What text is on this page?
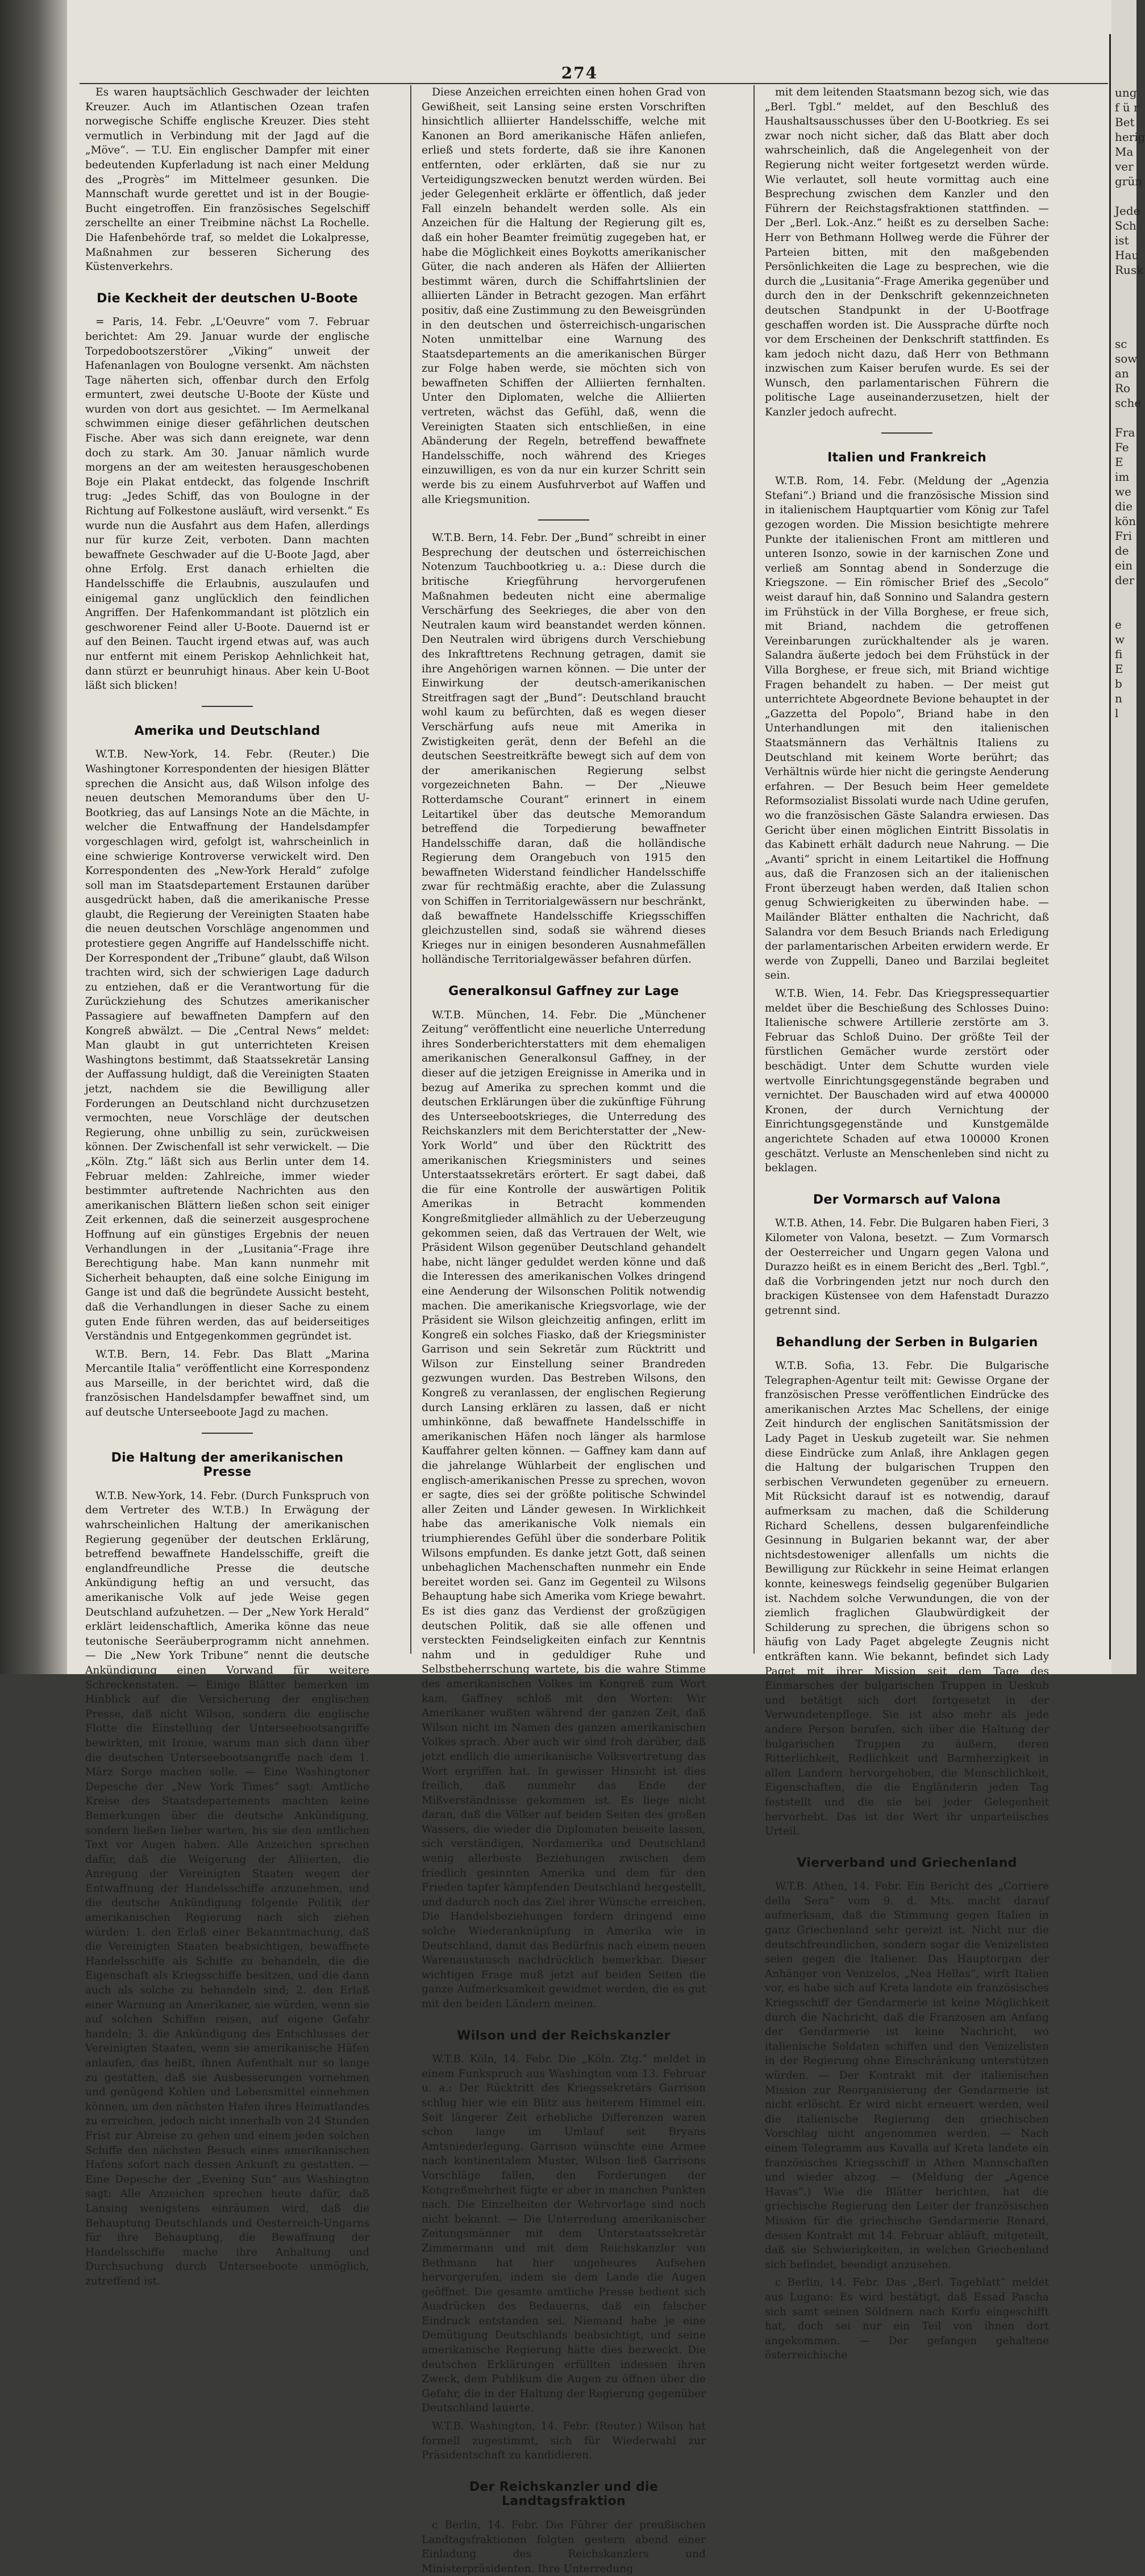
274

Es waren hauptsächlich Geschwader der leichten Kreuzer. Auch im Atlantischen Ozean trafen norwegische Schiffe englische Kreuzer. Dies steht vermutlich in Verbindung mit der Jagd auf die „Möve“. — T.U. Ein englischer Dampfer mit einer bedeutenden Kupferladung ist nach einer Meldung des „Progrès“ im Mittelmeer gesunken. Die Mannschaft wurde gerettet und ist in der Bougie-Bucht eingetroffen. Ein französisches Segelschiff zerschellte an einer Treibmine nächst La Rochelle. Die Hafenbehörde traf, so meldet die Lokalpresse, Maßnahmen zur besseren Sicherung des Küstenverkehrs.

Die Keckheit der deutschen U-Boote

= Paris, 14. Febr. „L'Oeuvre“ vom 7. Februar berichtet: Am 29. Januar wurde der englische Torpedobootszerstörer „Viking“ unweit der Hafenanlagen von Boulogne versenkt. Am nächsten Tage näherten sich, offenbar durch den Erfolg ermuntert, zwei deutsche U-Boote der Küste und wurden von dort aus gesichtet. — Im Aermelkanal schwimmen einige dieser gefährlichen deutschen Fische. Aber was sich dann ereignete, war denn doch zu stark. Am 30. Januar nämlich wurde morgens an der am weitesten herausgeschobenen Boje ein Plakat entdeckt, das folgende Inschrift trug: „Jedes Schiff, das von Boulogne in der Richtung auf Folkestone ausläuft, wird versenkt.“ Es wurde nun die Ausfahrt aus dem Hafen, allerdings nur für kurze Zeit, verboten. Dann machten bewaffnete Geschwader auf die U-Boote Jagd, aber ohne Erfolg. Erst danach erhielten die Handelsschiffe die Erlaubnis, auszulaufen und einigemal ganz unglücklich den feindlichen Angriffen. Der Hafenkommandant ist plötzlich ein geschworener Feind aller U-Boote. Dauernd ist er auf den Beinen. Taucht irgend etwas auf, was auch nur entfernt mit einem Periskop Aehnlichkeit hat, dann stürzt er beunruhigt hinaus. Aber kein U-Boot läßt sich blicken!

Amerika und Deutschland

W.T.B. New-York, 14. Febr. (Reuter.) Die Washingtoner Korrespondenten der hiesigen Blätter sprechen die Ansicht aus, daß Wilson infolge des neuen deutschen Memorandums über den U-Bootkrieg, das auf Lansings Note an die Mächte, in welcher die Entwaffnung der Handelsdampfer vorgeschlagen wird, gefolgt ist, wahrscheinlich in eine schwierige Kontroverse verwickelt wird. Den Korrespondenten des „New-York Herald“ zufolge soll man im Staatsdepartement Erstaunen darüber ausgedrückt haben, daß die amerikanische Presse glaubt, die Regierung der Vereinigten Staaten habe die neuen deutschen Vorschläge angenommen und protestiere gegen Angriffe auf Handelsschiffe nicht. Der Korrespondent der „Tribune“ glaubt, daß Wilson trachten wird, sich der schwierigen Lage dadurch zu entziehen, daß er die Verantwortung für die Zurückziehung des Schutzes amerikanischer Passagiere auf bewaffneten Dampfern auf den Kongreß abwälzt. — Die „Central News“ meldet: Man glaubt in gut unterrichteten Kreisen Washingtons bestimmt, daß Staatssekretär Lansing der Auffassung huldigt, daß die Vereinigten Staaten jetzt, nachdem sie die Bewilligung aller Forderungen an Deutschland nicht durchzusetzen vermochten, neue Vorschläge der deutschen Regierung, ohne unbillig zu sein, zurückweisen können. Der Zwischenfall ist sehr verwickelt. — Die „Köln. Ztg.“ läßt sich aus Berlin unter dem 14. Februar melden: Zahlreiche, immer wieder bestimmter auftretende Nachrichten aus den amerikanischen Blättern ließen schon seit einiger Zeit erkennen, daß die seinerzeit ausgesprochene Hoffnung auf ein günstiges Ergebnis der neuen Verhandlungen in der „Lusitania“-Frage ihre Berechtigung habe. Man kann nunmehr mit Sicherheit behaupten, daß eine solche Einigung im Gange ist und daß die begründete Aussicht besteht, daß die Verhandlungen in dieser Sache zu einem guten Ende führen werden, das auf beiderseitiges Verständnis und Entgegenkommen gegründet ist.

W.T.B. Bern, 14. Febr. Das Blatt „Marina Mercantile Italia“ veröffentlicht eine Korrespondenz aus Marseille, in der berichtet wird, daß die französischen Handelsdampfer bewaffnet sind, um auf deutsche Unterseeboote Jagd zu machen.

Die Haltung der amerikanischen Presse

W.T.B. New-York, 14. Febr. (Durch Funkspruch von dem Vertreter des W.T.B.) In Erwägung der wahrscheinlichen Haltung der amerikanischen Regierung gegenüber der deutschen Erklärung, betreffend bewaffnete Handelsschiffe, greift die englandfreundliche Presse die deutsche Ankündigung heftig an und versucht, das amerikanische Volk auf jede Weise gegen Deutschland aufzuhetzen. — Der „New York Herald“ erklärt leidenschaftlich, Amerika könne das neue teutonische Seeräuberprogramm nicht annehmen. — Die „New York Tribune“ nennt die deutsche Ankündigung einen Vorwand für weitere Schreckenstaten. — Einige Blätter bemerken im Hinblick auf die Versicherung der englischen Presse, daß nicht Wilson, sondern die englische Flotte die Einstellung der Unterseebootsangriffe bewirkten, mit Ironie, warum man sich dann über die deutschen Unterseebootsangriffe nach dem 1. März Sorge machen solle. — Eine Washingtoner Depesche der „New York Times“ sagt: Amtliche Kreise des Staatsdepartements machten keine Bemerkungen über die deutsche Ankündigung, sondern ließen lieber warten, bis sie den amtlichen Text vor Augen haben. Alle Anzeichen sprechen dafür, daß die Weigerung der Alliierten, die Anregung der Vereinigten Staaten wegen der Entwaffnung der Handelsschiffe anzunehmen, und die deutsche Ankündigung folgende Politik der amerikanischen Regierung nach sich ziehen würden: 1. den Erlaß einer Bekanntmachung, daß die Vereinigten Staaten beabsichtigen, bewaffnete Handelsschiffe als Schiffe zu behandeln, die die Eigenschaft als Kriegsschiffe besitzen, und die dann auch als solche zu behandeln sind; 2. den Erlaß einer Warnung an Amerikaner, sie würden, wenn sie auf solchen Schiffen reisen, auf eigene Gefahr handeln; 3. die Ankündigung des Entschlusses der Vereinigten Staaten, wenn sie amerikanische Häfen anlaufen, das heißt, ihnen Aufenthalt nur so lange zu gestatten, daß sie Ausbesserungen vornehmen und genügend Kohlen und Lebensmittel einnehmen können, um den nächsten Hafen ihres Heimatlandes zu erreichen, jedoch nicht innerhalb von 24 Stunden Frist zur Abreise zu gehen und einem jeden solchen Schiffe den nächsten Besuch eines amerikanischen Hafens sofort nach dessen Ankunft zu gestatten. — Eine Depesche der „Evening Sun“ aus Washington sagt: Alle Anzeichen sprechen heute dafür, daß Lansing wenigstens einräumen wird, daß die Behauptung Deutschlands und Oesterreich-Ungarns für ihre Behauptung, die Bewaffnung der Handelsschiffe mache ihre Anhaltung und Durchsuchung durch Unterseeboote unmöglich, zutreffend ist.

Diese Anzeichen erreichten einen hohen Grad von Gewißheit, seit Lansing seine ersten Vorschriften hinsichtlich alliierter Handelsschiffe, welche mit Kanonen an Bord amerikanische Häfen anliefen, erließ und stets forderte, daß sie ihre Kanonen entfernten, oder erklärten, daß sie nur zu Verteidigungszwecken benutzt werden würden. Bei jeder Gelegenheit erklärte er öffentlich, daß jeder Fall einzeln behandelt werden solle. Als ein Anzeichen für die Haltung der Regierung gilt es, daß ein hoher Beamter freimütig zugegeben hat, er habe die Möglichkeit eines Boykotts amerikanischer Güter, die nach anderen als Häfen der Alliierten bestimmt wären, durch die Schiffahrtslinien der alliierten Länder in Betracht gezogen. Man erfährt positiv, daß eine Zustimmung zu den Beweisgründen in den deutschen und österreichisch-ungarischen Noten unmittelbar eine Warnung des Staatsdepartements an die amerikanischen Bürger zur Folge haben werde, sie möchten sich von bewaffneten Schiffen der Alliierten fernhalten. Unter den Diplomaten, welche die Alliierten vertreten, wächst das Gefühl, daß, wenn die Vereinigten Staaten sich entschließen, in eine Abänderung der Regeln, betreffend bewaffnete Handelsschiffe, noch während des Krieges einzuwilligen, es von da nur ein kurzer Schritt sein werde bis zu einem Ausfuhrverbot auf Waffen und alle Kriegsmunition.

W.T.B. Bern, 14. Febr. Der „Bund“ schreibt in einer Besprechung der deutschen und österreichischen Notenzum Tauchbootkrieg u. a.: Diese durch die britische Kriegführung hervorgerufenen Maßnahmen bedeuten nicht eine abermalige Verschärfung des Seekrieges, die aber von den Neutralen kaum wird beanstandet werden können. Den Neutralen wird übrigens durch Verschiebung des Inkrafttretens Rechnung getragen, damit sie ihre Angehörigen warnen können. — Die unter der Einwirkung der deutsch-amerikanischen Streitfragen sagt der „Bund“: Deutschland braucht wohl kaum zu befürchten, daß es wegen dieser Verschärfung aufs neue mit Amerika in Zwistigkeiten gerät, denn der Befehl an die deutschen Seestreitkräfte bewegt sich auf dem von der amerikanischen Regierung selbst vorgezeichneten Bahn. — Der „Nieuwe Rotterdamsche Courant“ erinnert in einem Leitartikel über das deutsche Memorandum betreffend die Torpedierung bewaffneter Handelsschiffe daran, daß die holländische Regierung dem Orangebuch von 1915 den bewaffneten Widerstand feindlicher Handelsschiffe zwar für rechtmäßig erachte, aber die Zulassung von Schiffen in Territorialgewässern nur beschränkt, daß bewaffnete Handelsschiffe Kriegsschiffen gleichzustellen sind, sodaß sie während dieses Krieges nur in einigen besonderen Ausnahmefällen holländische Territorialgewässer befahren dürfen.

Generalkonsul Gaffney zur Lage

W.T.B. München, 14. Febr. Die „Münchener Zeitung“ veröffentlicht eine neuerliche Unterredung ihres Sonderberichterstatters mit dem ehemaligen amerikanischen Generalkonsul Gaffney, in der dieser auf die jetzigen Ereignisse in Amerika und in bezug auf Amerika zu sprechen kommt und die deutschen Erklärungen über die zukünftige Führung des Unterseebootskrieges, die Unterredung des Reichskanzlers mit dem Berichterstatter der „New-York World“ und über den Rücktritt des amerikanischen Kriegsministers und seines Unterstaatssekretärs erörtert. Er sagt dabei, daß die für eine Kontrolle der auswärtigen Politik Amerikas in Betracht kommenden Kongreßmitglieder allmählich zu der Ueberzeugung gekommen seien, daß das Vertrauen der Welt, wie Präsident Wilson gegenüber Deutschland gehandelt habe, nicht länger geduldet werden könne und daß die Interessen des amerikanischen Volkes dringend eine Aenderung der Wilsonschen Politik notwendig machen. Die amerikanische Kriegsvorlage, wie der Präsident sie Wilson gleichzeitig anfingen, erlitt im Kongreß ein solches Fiasko, daß der Kriegsminister Garrison und sein Sekretär zum Rücktritt und Wilson zur Einstellung seiner Brandreden gezwungen wurden. Das Bestreben Wilsons, den Kongreß zu veranlassen, der englischen Regierung durch Lansing erklären zu lassen, daß er nicht umhinkönne, daß bewaffnete Handelsschiffe in amerikanischen Häfen noch länger als harmlose Kauffahrer gelten können. — Gaffney kam dann auf die jahrelange Wühlarbeit der englischen und englisch-amerikanischen Presse zu sprechen, wovon er sagte, dies sei der größte politische Schwindel aller Zeiten und Länder gewesen. In Wirklichkeit habe das amerikanische Volk niemals ein triumphierendes Gefühl über die sonderbare Politik Wilsons empfunden. Es danke jetzt Gott, daß seinen unbehaglichen Machenschaften nunmehr ein Ende bereitet worden sei. Ganz im Gegenteil zu Wilsons Behauptung habe sich Amerika vom Kriege bewahrt. Es ist dies ganz das Verdienst der großzügigen deutschen Politik, daß sie alle offenen und versteckten Feindseligkeiten einfach zur Kenntnis nahm und in geduldiger Ruhe und Selbstbeherrschung wartete, bis die wahre Stimme des amerikanischen Volkes im Kongreß zum Wort kam. Gaffney schloß mit den Worten: Wir Amerikaner wußten während der ganzen Zeit, daß Wilson nicht im Namen des ganzen amerikanischen Volkes sprach. Aber auch wir sind froh darüber, daß jetzt endlich die amerikanische Volksvertretung das Wort ergriffen hat. In gewisser Hinsicht ist dies freilich, daß nunmehr das Ende der Mißverständnisse gekommen ist. Es liege nicht daran, daß die Völker auf beiden Seiten des großen Wassers, die wieder die Diplomaten beiseite lassen, sich verständigen, Nordamerika und Deutschland wenig allerbeste Beziehungen zwischen dem friedlich gesinnten Amerika und dem für den Frieden tapfer kämpfenden Deutschland hergestellt, und dadurch noch das Ziel ihrer Wünsche erreichen. Die Handelsbeziehungen fordern dringend eine solche Wiederanknüpfung in Amerika wie in Deutschland, damit das Bedürfnis nach einem neuen Warenaustausch nachdrücklich bemerkbar. Dieser wichtigen Frage muß jetzt auf beiden Seiten die ganze Aufmerksamkeit gewidmet werden, die es gut mit den beiden Ländern meinen.

Wilson und der Reichskanzler

W.T.B. Köln, 14. Febr. Die „Köln. Ztg.“ meldet in einem Funkspruch aus Washington vom 13. Februar u. a.: Der Rücktritt des Kriegssekretärs Garrison schlug hier wie ein Blitz aus heiterem Himmel ein. Seit längerer Zeit erhebliche Differenzen waren schon lange im Umlauf seit Bryans Amtsniederlegung. Garrison wünschte eine Armee nach kontinentalem Muster, Wilson ließ Garrisons Vorschläge fallen, den Forderungen der Kongreßmehrheit fügte er aber in manchen Punkten nach. Die Einzelheiten der Wehrvorlage sind noch nicht bekannt. — Die Unterredung amerikanischer Zeitungsmänner mit dem Unterstaatssekretär Zimmermann und mit dem Reichskanzler von Bethmann hat hier ungeheures Aufsehen hervorgerufen, indem sie dem Lande die Augen geöffnet. Die gesamte amtliche Presse bedient sich Ausdrücken des Bedauerns, daß ein falscher Eindruck entstanden sei. Niemand habe je eine Demütigung Deutschlands beabsichtigt, und seine amerikanische Regierung hätte dies bezweckt. Die deutschen Erklärungen erfüllten indessen ihren Zweck, dem Publikum die Augen zu öffnen über die Gefahr, die in der Haltung der Regierung gegenüber Deutschland lauerte.

W.T.B. Washington, 14. Febr. (Reuter.) Wilson hat formell zugestimmt, sich für Wiederwahl zur Präsidentschaft zu kandidieren.

Der Reichskanzler und die Landtagsfraktion

c Berlin, 14. Febr. Die Führer der preußischen Landtagsfraktionen folgten gestern abend einer Einladung des Reichskanzlers und Ministerpräsidenten. Ihre Unterredung

mit dem leitenden Staatsmann bezog sich, wie das „Berl. Tgbl.“ meldet, auf den Beschluß des Haushaltsausschusses über den U-Bootkrieg. Es sei zwar noch nicht sicher, daß das Blatt aber doch wahrscheinlich, daß die Angelegenheit von der Regierung nicht weiter fortgesetzt werden würde. Wie verlautet, soll heute vormittag auch eine Besprechung zwischen dem Kanzler und den Führern der Reichstagsfraktionen stattfinden. — Der „Berl. Lok.-Anz.“ heißt es zu derselben Sache: Herr von Bethmann Hollweg werde die Führer der Parteien bitten, mit den maßgebenden Persönlichkeiten die Lage zu besprechen, wie die durch die „Lusitania“-Frage Amerika gegenüber und durch den in der Denkschrift gekennzeichneten deutschen Standpunkt in der U-Bootfrage geschaffen worden ist. Die Aussprache dürfte noch vor dem Erscheinen der Denkschrift stattfinden. Es kam jedoch nicht dazu, daß Herr von Bethmann inzwischen zum Kaiser berufen wurde. Es sei der Wunsch, den parlamentarischen Führern die politische Lage auseinanderzusetzen, hielt der Kanzler jedoch aufrecht.

Italien und Frankreich

W.T.B. Rom, 14. Febr. (Meldung der „Agenzia Stefani“.) Briand und die französische Mission sind in italienischem Hauptquartier vom König zur Tafel gezogen worden. Die Mission besichtigte mehrere Punkte der italienischen Front am mittleren und unteren Isonzo, sowie in der karnischen Zone und verließ am Sonntag abend in Sonderzuge die Kriegszone. — Ein römischer Brief des „Secolo“ weist darauf hin, daß Sonnino und Salandra gestern im Frühstück in der Villa Borghese, er freue sich, mit Briand, nachdem die getroffenen Vereinbarungen zurückhaltender als je waren. Salandra äußerte jedoch bei dem Frühstück in der Villa Borghese, er freue sich, mit Briand wichtige Fragen behandelt zu haben. — Der meist gut unterrichtete Abgeordnete Bevione behauptet in der „Gazzetta del Popolo“, Briand habe in den Unterhandlungen mit den italienischen Staatsmännern das Verhältnis Italiens zu Deutschland mit keinem Worte berührt; das Verhältnis würde hier nicht die geringste Aenderung erfahren. — Der Besuch beim Heer gemeldete Reformsozialist Bissolati wurde nach Udine gerufen, wo die französischen Gäste Salandra erwiesen. Das Gericht über einen möglichen Eintritt Bissolatis in das Kabinett erhält dadurch neue Nahrung. — Die „Avanti“ spricht in einem Leitartikel die Hoffnung aus, daß die Franzosen sich an der italienischen Front überzeugt haben werden, daß Italien schon genug Schwierigkeiten zu überwinden habe. — Mailänder Blätter enthalten die Nachricht, daß Salandra vor dem Besuch Briands nach Erledigung der parlamentarischen Arbeiten erwidern werde. Er werde von Zuppelli, Daneo und Barzilai begleitet sein.

W.T.B. Wien, 14. Febr. Das Kriegspressequartier meldet über die Beschießung des Schlosses Duino: Italienische schwere Artillerie zerstörte am 3. Februar das Schloß Duino. Der größte Teil der fürstlichen Gemächer wurde zerstört oder beschädigt. Unter dem Schutte wurden viele wertvolle Einrichtungsgegenstände begraben und vernichtet. Der Bauschaden wird auf etwa 400000 Kronen, der durch Vernichtung der Einrichtungsgegenstände und Kunstgemälde angerichtete Schaden auf etwa 100000 Kronen geschätzt. Verluste an Menschenleben sind nicht zu beklagen.

Der Vormarsch auf Valona

W.T.B. Athen, 14. Febr. Die Bulgaren haben Fieri, 3 Kilometer von Valona, besetzt. — Zum Vormarsch der Oesterreicher und Ungarn gegen Valona und Durazzo heißt es in einem Bericht des „Berl. Tgbl.“, daß die Vorbringenden jetzt nur noch durch den brackigen Küstensee von dem Hafenstadt Durazzo getrennt sind.

Behandlung der Serben in Bulgarien

W.T.B. Sofia, 13. Febr. Die Bulgarische Telegraphen-Agentur teilt mit: Gewisse Organe der französischen Presse veröffentlichen Eindrücke des amerikanischen Arztes Mac Schellens, der einige Zeit hindurch der englischen Sanitätsmission der Lady Paget in Ueskub zugeteilt war. Sie nehmen diese Eindrücke zum Anlaß, ihre Anklagen gegen die Haltung der bulgarischen Truppen den serbischen Verwundeten gegenüber zu erneuern. Mit Rücksicht darauf ist es notwendig, darauf aufmerksam zu machen, daß die Schilderung Richard Schellens, dessen bulgarenfeindliche Gesinnung in Bulgarien bekannt war, der aber nichtsdestoweniger allenfalls um nichts die Bewilligung zur Rückkehr in seine Heimat erlangen konnte, keineswegs feindselig gegenüber Bulgarien ist. Nachdem solche Verwundungen, die von der ziemlich fraglichen Glaubwürdigkeit der Schilderung zu sprechen, die übrigens schon so häufig von Lady Paget abgelegte Zeugnis nicht entkräften kann. Wie bekannt, befindet sich Lady Paget mit ihrer Mission seit dem Tage des Einmarsches der bulgarischen Truppen in Ueskub und betätigt sich dort fortgesetzt in der Verwundetenpflege. Sie ist also mehr als jede andere Person berufen, sich über die Haltung der bulgarischen Truppen zu äußern, deren Ritterlichkeit, Redlichkeit und Barmherzigkeit in allen Landern hervorgehoben, die Menschlichkeit, Eigenschaften, die die Engländerin jeden Tag feststellt und die sie bei jeder Gelegenheit hervorhebt. Das ist der Wert ihr unparteiisches Urteil.

Vierverband und Griechenland

W.T.B. Athen, 14. Febr. Ein Bericht des „Corriere della Sera“ vom 9. d. Mts. macht darauf aufmerksam, daß die Stimmung gegen Italien in ganz Griechenland sehr gereizt ist. Nicht nur die deutschfreundlichen, sondern sogar die Venizelisten seien gegen die Italiener. Das Hauptorgan der Anhänger von Venizelos, „Nea Hellas“, wirft Italien vor, es habe sich auf Kreta landete ein französisches Kriegsschiff der Gendarmerie ist keine Möglichkeit durch die Nachricht, daß die Franzosen am Anfang der Gendarmerie ist keine Nachricht, wo italienische Soldaten schiffen und den Venizelisten in der Regierung ohne Einschränkung unterstützen würden. — Der Kontrakt mit der italienischen Mission zur Reorganisierung der Gendarmerie ist nicht erlöscht. Er wird nicht erneuert werden, weil die italienische Regierung den griechischen Vorschlag nicht angenommen werden. — Nach einem Telegramm aus Kavalla auf Kreta landete ein französisches Kriegsschiff in Athen Mannschaften und wieder abzog. — (Meldung der „Agence Havas“.) Wie die Blätter berichten, hat die griechische Regierung den Leiter der französischen Mission für die griechische Gendarmerie Renard, dessen Kontrakt mit 14. Februar abläuft, mitgeteilt, daß sie Schwierigkeiten, in welchen Griechenland sich befindet, beendigt anzusehen.

c Berlin, 14. Febr. Das „Berl. Tageblatt“ meldet aus Lugano: Es wird bestätigt, daß Essad Pascha sich samt seinen Söldnern nach Korfu eingeschifft hat, doch sei nur ein Teil von ihnen dort angekommen. — Der gefangen gehaltene österreichische

ung
f ü r
Bet
herig
Ma
ver
grün

Jede
Sch
ist
Hau
Rusk

sc
sow
an
Ro
sche

Fra
Fe
E
im
we
die
kön
Fri
de
ein
der

e
w
fi
E
b
n
l
